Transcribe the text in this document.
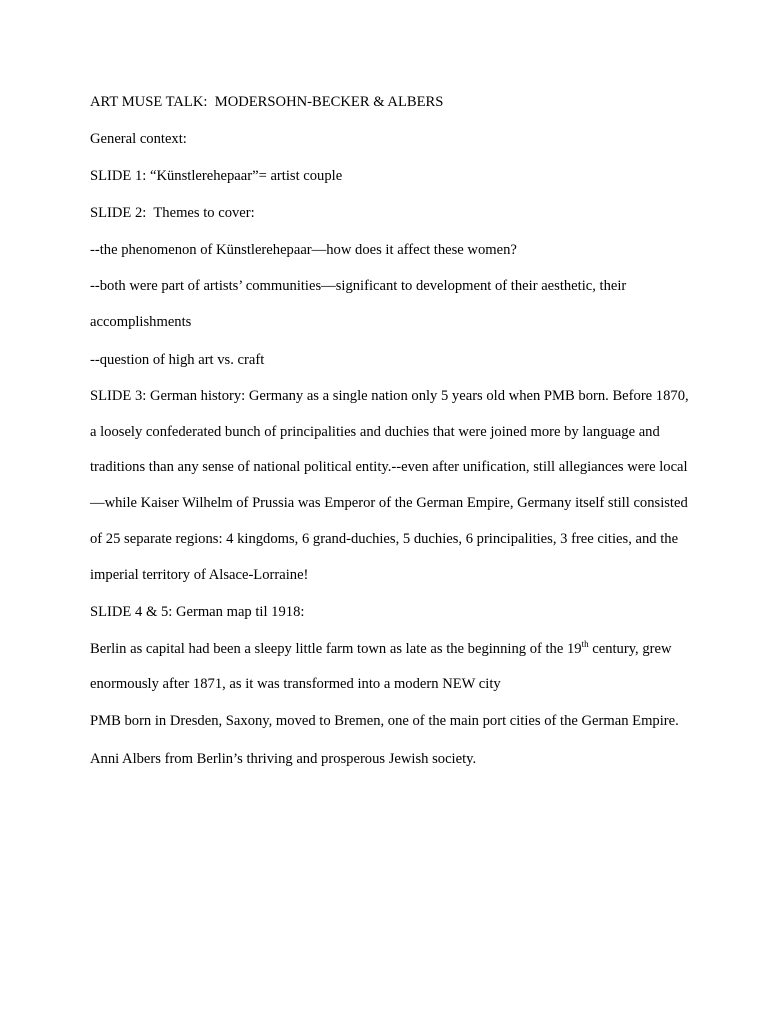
ART MUSE TALK:  MODERSOHN-BECKER & ALBERS

General context:

SLIDE 1: “Künstlerehepaar”= artist couple

SLIDE 2:  Themes to cover:

--the phenomenon of Künstlerehepaar—how does it affect these women?

--both were part of artists’ communities—significant to development of their aesthetic, their accomplishments

--question of high art vs. craft

SLIDE 3: German history: Germany as a single nation only 5 years old when PMB born. Before 1870, a loosely confederated bunch of principalities and duchies that were joined more by language and traditions than any sense of national political entity.--even after unification, still allegiances were local—while Kaiser Wilhelm of Prussia was Emperor of the German Empire, Germany itself still consisted of 25 separate regions: 4 kingdoms, 6 grand-duchies, 5 duchies, 6 principalities, 3 free cities, and the imperial territory of Alsace-Lorraine!

SLIDE 4 & 5: German map til 1918:

Berlin as capital had been a sleepy little farm town as late as the beginning of the 19th century, grew enormously after 1871, as it was transformed into a modern NEW city

PMB born in Dresden, Saxony, moved to Bremen, one of the main port cities of the German Empire.

Anni Albers from Berlin’s thriving and prosperous Jewish society.
